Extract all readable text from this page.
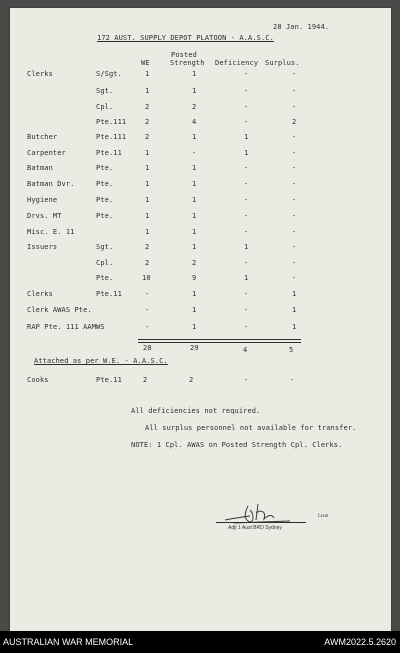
28 Jan. 1944.
172 AUST. SUPPLY DEPOT PLATOON - A.A.S.C.
WE
Posted
Strength Deficiency Surplus.
Clerks	S/Sgt.	1	1	-	-
Sgt.	1	1	-	-
Cpl.	2	2	-	-
Pte.111	2	4	-	2
Butcher	Pte.111	2	1	1	-
Carpenter	Pte.11	1	-	1	-
Batman	Pte.	1	1	-	-
Batman Dvr.	Pte.	1	1	-	-
Hygiene	Pte.	1	1	-	-
Drvs. MT	Pte.	1	1	-	-
Misc. E. 11	1	1	-	-
Issuers	Sgt.	2	1	1	-
Cpl.	2	2	-	-
Pte.	10	9	1	-
Clerks	Pte.11	-	1	-	1
Clerk AWAS Pte.	-	1	-	1
RAP Pte. 111 AAMWS	-	1	-	1
28	29	4	5
Attached as per W.E. - A.A.S.C.
Cooks	Pte.11	2	2	-	-
All deficiencies not required.
All surplus personnel not available for transfer.
NOTE: 1 Cpl. AWAS on Posted Strength Cpl. Clerks.
Lieut
Adjt 1 Aust BRD Sydney
AUSTRALIAN WAR MEMORIAL	AWM2022.5.2620
